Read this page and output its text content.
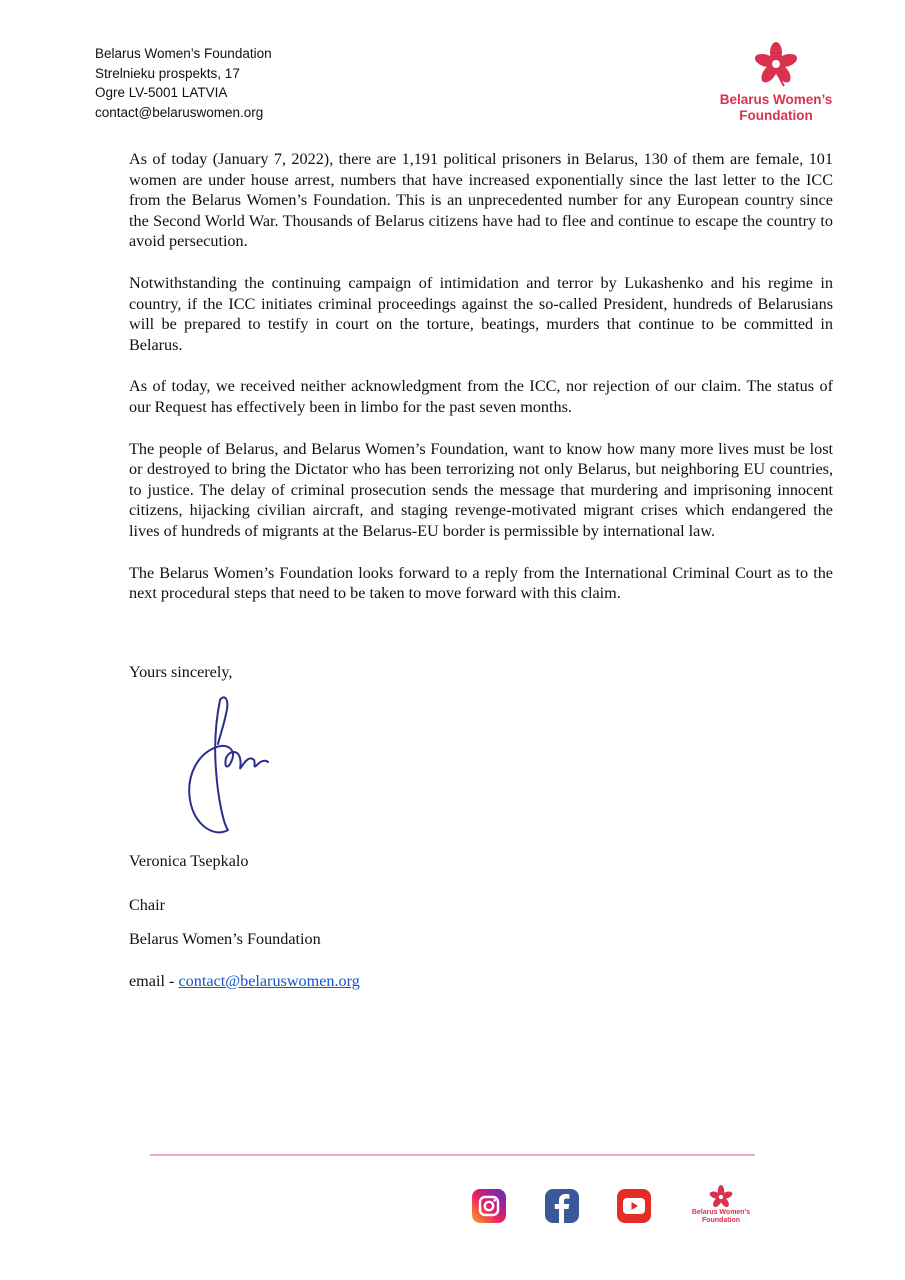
Belarus Women’s Foundation
Strelnieku prospekts, 17
Ogre LV-5001 LATVIA
contact@belaruswomen.org
Belarus Women’s
Foundation

As of today (January 7, 2022), there are 1,191 political prisoners in Belarus, 130 of them are female, 101 women are under house arrest, numbers that have increased exponentially since the last letter to the ICC from the Belarus Women’s Foundation. This is an unprecedented number for any European country since the Second World War. Thousands of Belarus citizens have had to flee and continue to escape the country to avoid persecution.

Notwithstanding the continuing campaign of intimidation and terror by Lukashenko and his regime in country, if the ICC initiates criminal proceedings against the so-called President, hundreds of Belarusians will be prepared to testify in court on the torture, beatings, murders that continue to be committed in Belarus.

As of today, we received neither acknowledgment from the ICC, nor rejection of our claim. The status of our Request has effectively been in limbo for the past seven months.

The people of Belarus, and Belarus Women’s Foundation, want to know how many more lives must be lost or destroyed to bring the Dictator who has been terrorizing not only Belarus, but neighboring EU countries, to justice. The delay of criminal prosecution sends the message that murdering and imprisoning innocent citizens, hijacking civilian aircraft, and staging revenge-motivated migrant crises which endangered the lives of hundreds of migrants at the Belarus-EU border is permissible by international law.

The Belarus Women’s Foundation looks forward to a reply from the International Criminal Court as to the next procedural steps that need to be taken to move forward with this claim.

Yours sincerely,
Veronica Tsepkalo
Chair
Belarus Women’s Foundation
email - contact@belaruswomen.org
Belarus Women’s
Foundation
